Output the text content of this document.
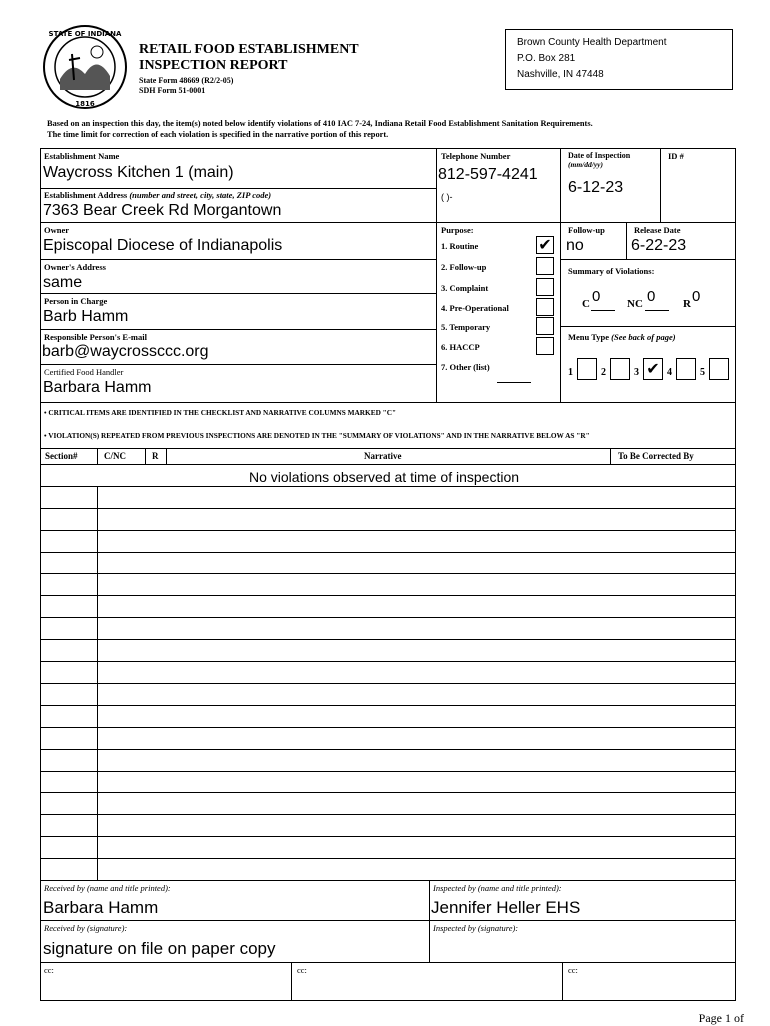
STATE OF INDIANA
1816
RETAIL FOOD ESTABLISHMENT
INSPECTION REPORT
State Form 48669 (R2/2-05)
SDH Form 51-0001
Brown County Health Department
P.O. Box 281
Nashville, IN 47448
Based on an inspection this day, the item(s) noted below identify violations of 410 IAC 7-24, Indiana Retail Food Establishment Sanitation Requirements.
The time limit for correction of each violation is specified in the narrative portion of this report.
Establishment Name
Waycross Kitchen 1 (main)
Telephone Number
812-597-4241
( )-
Date of Inspection
(mm/dd/yy)
6-12-23
ID #
Establishment Address (number and street, city, state, ZIP code)
7363 Bear Creek Rd Morgantown
Owner
Episcopal Diocese of Indianapolis
Purpose:
1. Routine	✔
2. Follow-up
3. Complaint
4. Pre-Operational
5. Temporary
6. HACCP
7. Other (list)
Follow-up
no
Release Date
6-22-23
Owner's Address
same
Summary of Violations:
C 0 NC 0	R 0
Person in Charge
Barb Hamm
Responsible Person's E-mail
barb@waycrossccc.org
Menu Type (See back of page)
1	2	3 ✔ 4	5
Certified Food Handler
Barbara Hamm
• CRITICAL ITEMS ARE IDENTIFIED IN THE CHECKLIST AND NARRATIVE COLUMNS MARKED "C"
• VIOLATION(S) REPEATED FROM PREVIOUS INSPECTIONS ARE DENOTED IN THE "SUMMARY OF VIOLATIONS" AND IN THE NARRATIVE BELOW AS "R"
Section#	C/NC	R	Narrative	To Be Corrected By
No violations observed at time of inspection
Received by (name and title printed):
Barbara Hamm
Inspected by (name and title printed):
Jennifer Heller EHS
Received by (signature):
signature on file on paper copy
Inspected by (signature):
cc:	cc:	cc:
Page 1 of
